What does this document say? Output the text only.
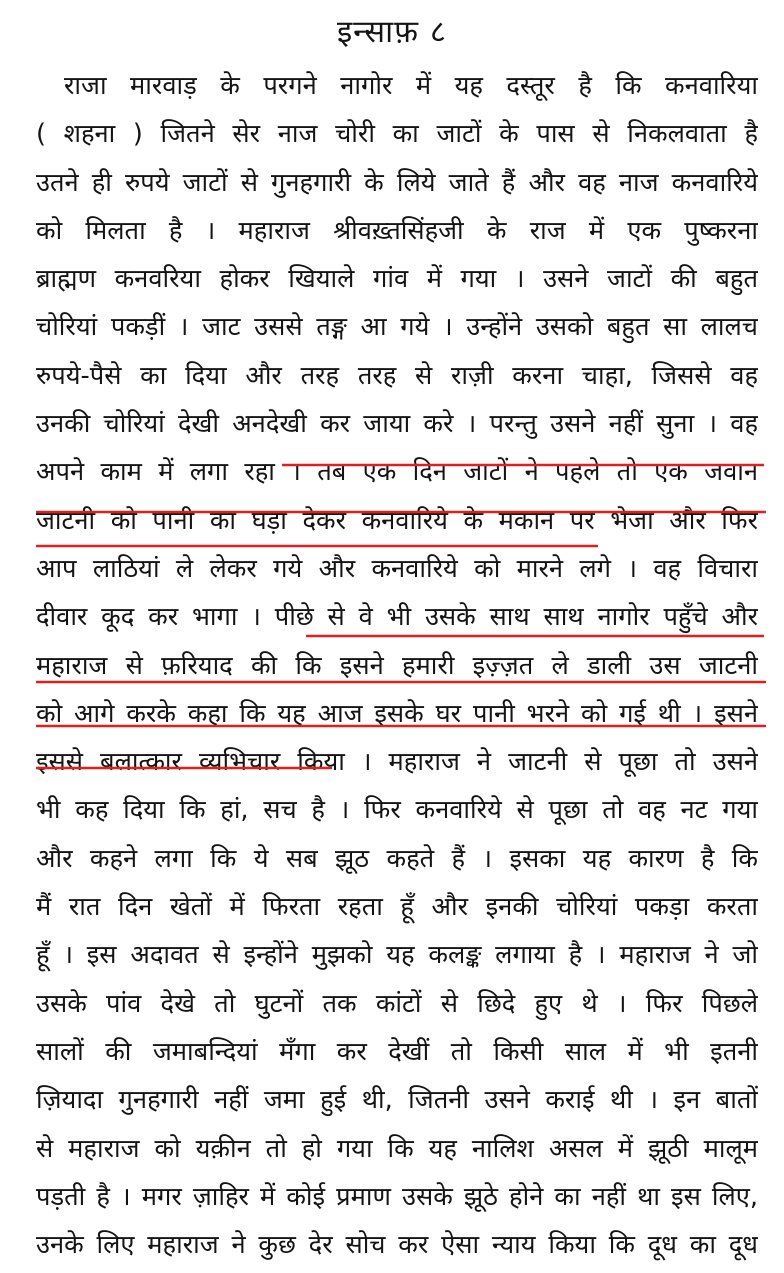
इन्साफ़ ८
राजा मारवाड़ के परगने नागोर में यह दस्तूर है कि कनवारिया
( शहना ) जितने सेर नाज चोरी का जाटों के पास से निकलवाता है
उतने ही रुपये जाटों से गुनहगारी के लिये जाते हैं और वह नाज कनवारिये
को मिलता है । महाराज श्रीवख़्तसिंहजी के राज में एक पुष्करना
ब्राह्मण कनवरिया होकर खियाले गांव में गया । उसने जाटों की बहुत
चोरियां पकड़ीं । जाट उससे तङ्ग आ गये । उन्होंने उसको बहुत सा लालच
रुपये-पैसे का दिया और तरह तरह से राज़ी करना चाहा, जिससे वह
उनकी चोरियां देखी अनदेखी कर जाया करे । परन्तु उसने नहीं सुना । वह
अपने काम में लगा रहा । तब एक दिन जाटों ने पहले तो एक जवान
जाटनी को पानी का घड़ा देकर कनवारिये के मकान पर भेजा और फिर
आप लाठियां ले लेकर गये और कनवारिये को मारने लगे । वह विचारा
दीवार कूद कर भागा । पीछे से वे भी उसके साथ साथ नागोर पहुँचे और
महाराज से फ़रियाद की कि इसने हमारी इज़्ज़त ले डाली उस जाटनी
को आगे करके कहा कि यह आज इसके घर पानी भरने को गई थी । इसने
इससे बलात्कार व्यभिचार किया । महाराज ने जाटनी से पूछा तो उसने
भी कह दिया कि हां, सच है । फिर कनवारिये से पूछा तो वह नट गया
और कहने लगा कि ये सब झूठ कहते हैं । इसका यह कारण है कि
मैं रात दिन खेतों में फिरता रहता हूँ और इनकी चोरियां पकड़ा करता
हूँ । इस अदावत से इन्होंने मुझको यह कलङ्क लगाया है । महाराज ने जो
उसके पांव देखे तो घुटनों तक कांटों से छिदे हुए थे । फिर पिछले
सालों की जमाबन्दियां मँगा कर देखीं तो किसी साल में भी इतनी
ज़ियादा गुनहगारी नहीं जमा हुई थी, जितनी उसने कराई थी । इन बातों
से महाराज को यक़ीन तो हो गया कि यह नालिश असल में झूठी मालूम
पड़ती है । मगर ज़ाहिर में कोई प्रमाण उसके झूठे होने का नहीं था इस लिए,
उनके लिए महाराज ने कुछ देर सोच कर ऐसा न्याय किया कि दूध का दूध
